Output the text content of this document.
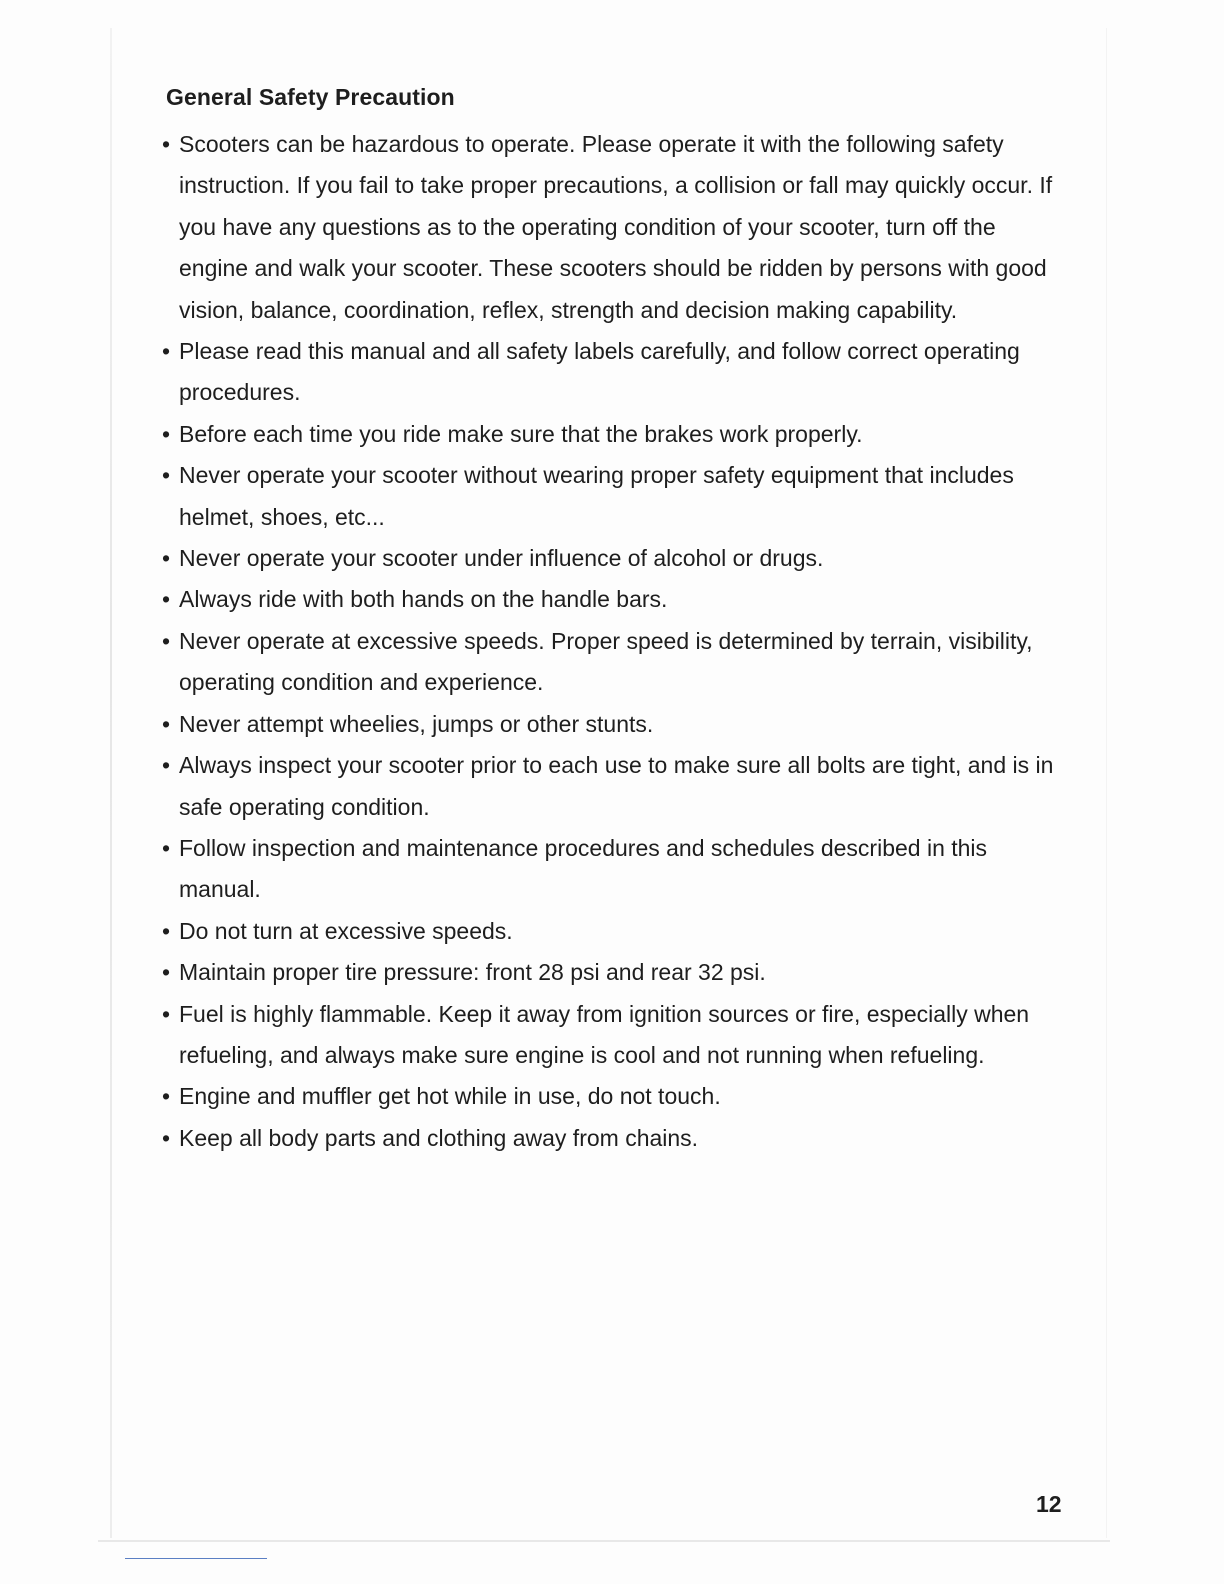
General Safety Precaution
• Scooters can be hazardous to operate. Please operate it with the following safety instruction. If you fail to take proper precautions, a collision or fall may quickly occur. If you have any questions as to the operating condition of your scooter, turn off the engine and walk your scooter. These scooters should be ridden by persons with good vision, balance, coordination, reflex, strength and decision making capability.
• Please read this manual and all safety labels carefully, and follow correct operating procedures.
• Before each time you ride make sure that the brakes work properly.
• Never operate your scooter without wearing proper safety equipment that includes helmet, shoes, etc...
• Never operate your scooter under influence of alcohol or drugs.
• Always ride with both hands on the handle bars.
• Never operate at excessive speeds. Proper speed is determined by terrain, visibility, operating condition and experience.
• Never attempt wheelies, jumps or other stunts.
• Always inspect your scooter prior to each use to make sure all bolts are tight, and is in safe operating condition.
• Follow inspection and maintenance procedures and schedules described in this manual.
• Do not turn at excessive speeds.
• Maintain proper tire pressure: front 28 psi and rear 32 psi.
• Fuel is highly flammable. Keep it away from ignition sources or fire, especially when refueling, and always make sure engine is cool and not running when refueling.
• Engine and muffler get hot while in use, do not touch.
• Keep all body parts and clothing away from chains.
12
